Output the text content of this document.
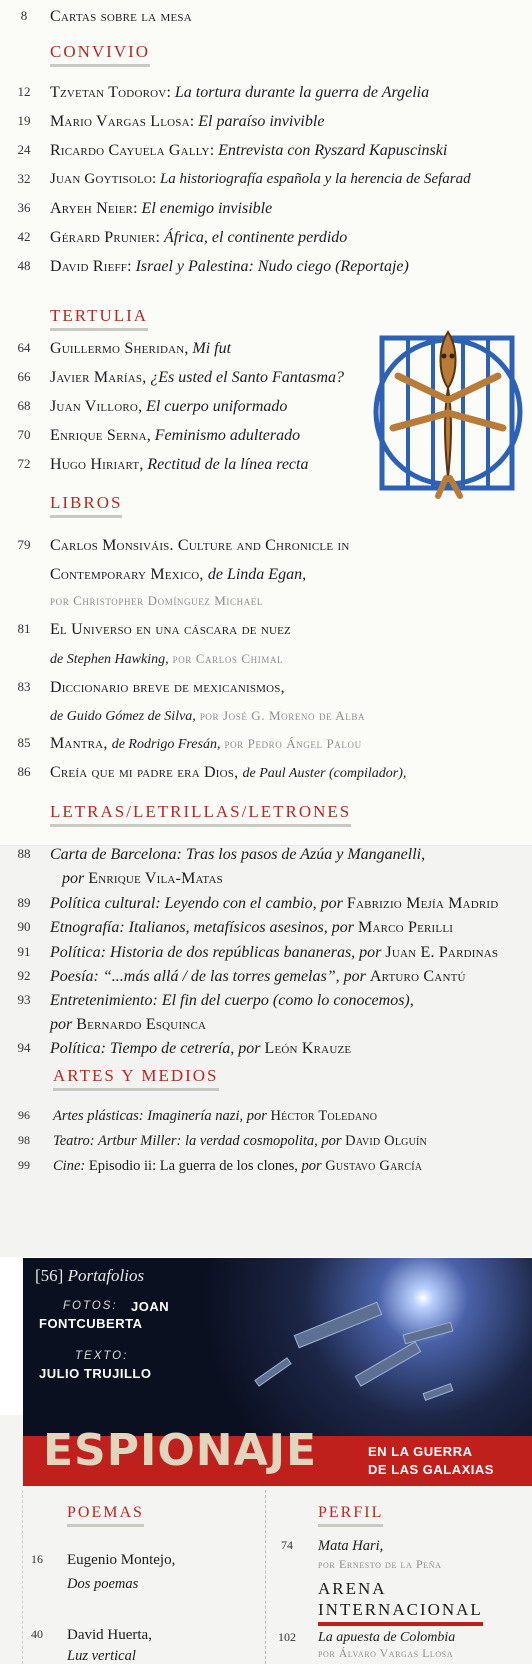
8	Cartas sobre la mesa
CONVIVIO
12	Tzvetan Todorov: La tortura durante la guerra de Argelia
19	Mario Vargas Llosa: El paraíso invivible
24	Ricardo Cayuela Gally: Entrevista con Ryszard Kapuscinski
32	Juan Goytisolo: La historiografía española y la herencia de Sefarad
36	Aryeh Neier: El enemigo invisible
42	Gérard Prunier: África, el continente perdido
48	David Rieff: Israel y Palestina: Nudo ciego (Reportaje)
TERTULIA
64	Guillermo Sheridan, Mi fut
66	Javier Marías, ¿Es usted el Santo Fantasma?
68	Juan Villoro, El cuerpo uniformado
70	Enrique Serna, Feminismo adulterado
72	Hugo Hiriart, Rectitud de la línea recta
LIBROS
79	Carlos Monsiváis. Culture and Chronicle in
Contemporary Mexico, de Linda Egan,
por Christopher Domínguez Michael
81	El Universo en una cáscara de nuez
de Stephen Hawking, por Carlos Chimal
83	Diccionario breve de mexicanismos,
de Guido Gómez de Silva, por José G. Moreno de Alba
85	Mantra, de Rodrigo Fresán, por Pedro Ángel Palou
86	Creía que mi padre era Dios, de Paul Auster (compilador),
LETRAS/LETRILLAS/LETRONES
88	Carta de Barcelona: Tras los pasos de Azúa y Manganelli,
por Enrique Vila-Matas
89	Política cultural: Leyendo con el cambio, por Fabrizio Mejía Madrid
90	Etnografía: Italianos, metafísicos asesinos, por Marco Perilli
91	Política: Historia de dos repúblicas bananeras, por Juan E. Pardinas
92	Poesía: “...más allá / de las torres gemelas”, por Arturo Cantú
93	Entretenimiento: El fin del cuerpo (como lo conocemos),
por Bernardo Esquinca
94	Política: Tiempo de cetrería, por León Krauze
ARTES Y MEDIOS
96	Artes plásticas: Imaginería nazi, por Héctor Toledano
98	Teatro: Artbur Miller: la verdad cosmopolita, por David Olguín
99	Cine: Episodio ii: La guerra de los clones, por Gustavo García
[56] Portafolios
FOTOS: JOAN
FONTCUBERTA
TEXTO:
JULIO TRUJILLO
ESPIONAJE	EN LA GUERRA
DE LAS GALAXIAS
POEMAS
16	Eugenio Montejo,
Dos poemas
40	David Huerta,
Luz vertical
PERFIL
74	Mata Hari,
por Ernesto de la Peña
ARENA
INTERNACIONAL
102	La apuesta de Colombia
por Álvaro Vargas Llosa
